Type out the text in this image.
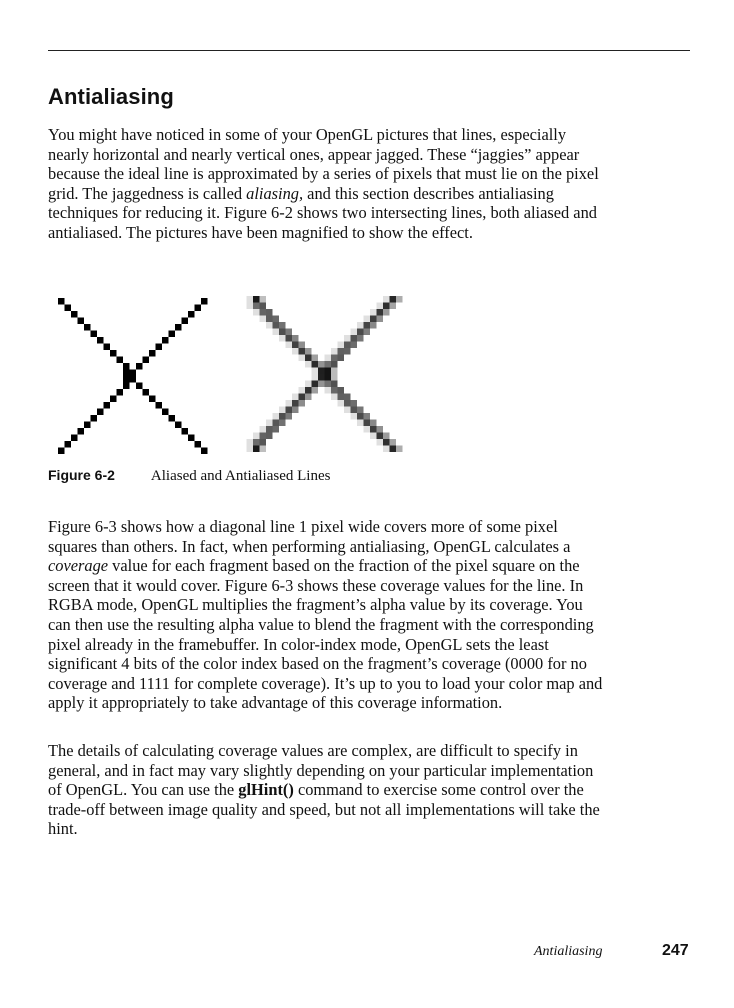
Antialiasing

You might have noticed in some of your OpenGL pictures that lines, especially nearly horizontal and nearly vertical ones, appear jagged. These “jaggies” appear because the ideal line is approximated by a series of pixels that must lie on the pixel grid. The jaggedness is called aliasing, and this section describes antialiasing techniques for reducing it. Figure 6-2 shows two intersecting lines, both aliased and antialiased. The pictures have been magnified to show the effect.

Figure 6-2 Aliased and Antialiased Lines

Figure 6-3 shows how a diagonal line 1 pixel wide covers more of some pixel squares than others. In fact, when performing antialiasing, OpenGL calculates a coverage value for each fragment based on the fraction of the pixel square on the screen that it would cover. Figure 6-3 shows these coverage values for the line. In RGBA mode, OpenGL multiplies the fragment’s alpha value by its coverage. You can then use the resulting alpha value to blend the fragment with the corresponding pixel already in the framebuffer. In color-index mode, OpenGL sets the least significant 4 bits of the color index based on the fragment’s coverage (0000 for no coverage and 1111 for complete coverage). It’s up to you to load your color map and apply it appropriately to take advantage of this coverage information.

The details of calculating coverage values are complex, are difficult to specify in general, and in fact may vary slightly depending on your particular implementation of OpenGL. You can use the glHint() command to exercise some control over the trade-off between image quality and speed, but not all implementations will take the hint.

Antialiasing	247
